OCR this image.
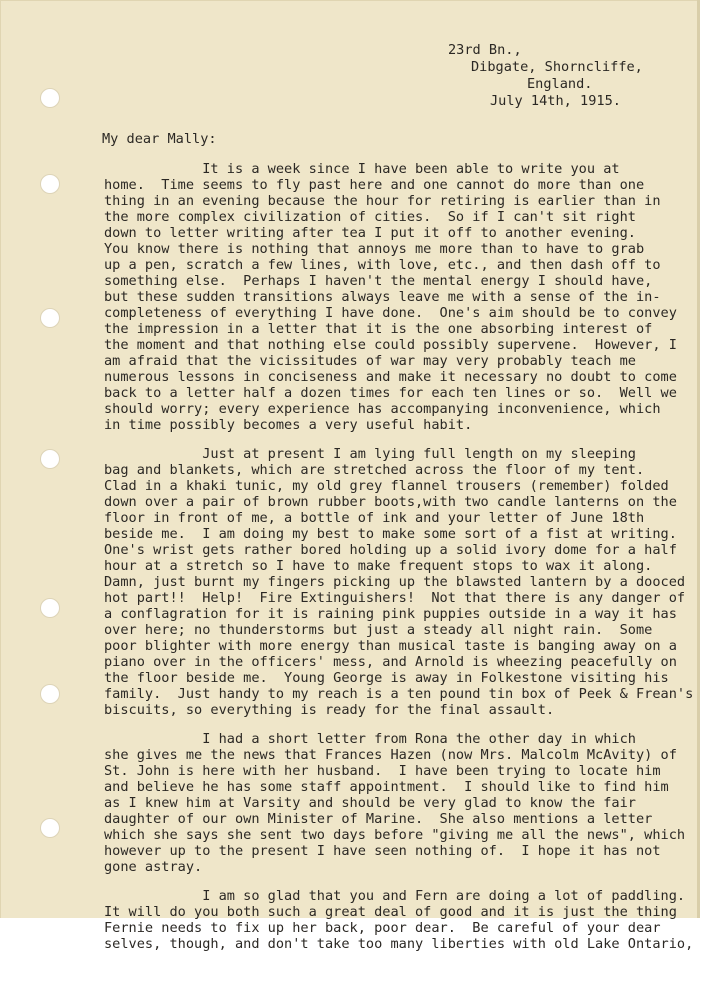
23rd Bn.,
Dibgate, Shorncliffe,
England.
July 14th, 1915.
My dear Mally:
It is a week since I have been able to write you at
home.  Time seems to fly past here and one cannot do more than one
thing in an evening because the hour for retiring is earlier than in
the more complex civilization of cities.  So if I can't sit right
down to letter writing after tea I put it off to another evening.
You know there is nothing that annoys me more than to have to grab
up a pen, scratch a few lines, with love, etc., and then dash off to
something else.  Perhaps I haven't the mental energy I should have,
but these sudden transitions always leave me with a sense of the in-
completeness of everything I have done.  One's aim should be to convey
the impression in a letter that it is the one absorbing interest of
the moment and that nothing else could possibly supervene.  However, I
am afraid that the vicissitudes of war may very probably teach me
numerous lessons in conciseness and make it necessary no doubt to come
back to a letter half a dozen times for each ten lines or so.  Well we
should worry; every experience has accompanying inconvenience, which
in time possibly becomes a very useful habit.
Just at present I am lying full length on my sleeping
bag and blankets, which are stretched across the floor of my tent.
Clad in a khaki tunic, my old grey flannel trousers (remember) folded
down over a pair of brown rubber boots,with two candle lanterns on the
floor in front of me, a bottle of ink and your letter of June 18th
beside me.  I am doing my best to make some sort of a fist at writing.
One's wrist gets rather bored holding up a solid ivory dome for a half
hour at a stretch so I have to make frequent stops to wax it along.
Damn, just burnt my fingers picking up the blawsted lantern by a dooced
hot part!!  Help!  Fire Extinguishers!  Not that there is any danger of
a conflagration for it is raining pink puppies outside in a way it has
over here; no thunderstorms but just a steady all night rain.  Some
poor blighter with more energy than musical taste is banging away on a
piano over in the officers' mess, and Arnold is wheezing peacefully on
the floor beside me.  Young George is away in Folkestone visiting his
family.  Just handy to my reach is a ten pound tin box of Peek & Frean's
biscuits, so everything is ready for the final assault.
I had a short letter from Rona the other day in which
she gives me the news that Frances Hazen (now Mrs. Malcolm McAvity) of
St. John is here with her husband.  I have been trying to locate him
and believe he has some staff appointment.  I should like to find him
as I knew him at Varsity and should be very glad to know the fair
daughter of our own Minister of Marine.  She also mentions a letter
which she says she sent two days before "giving me all the news", which
however up to the present I have seen nothing of.  I hope it has not
gone astray.
I am so glad that you and Fern are doing a lot of paddling.
It will do you both such a great deal of good and it is just the thing
Fernie needs to fix up her back, poor dear.  Be careful of your dear
selves, though, and don't take too many liberties with old Lake Ontario,
